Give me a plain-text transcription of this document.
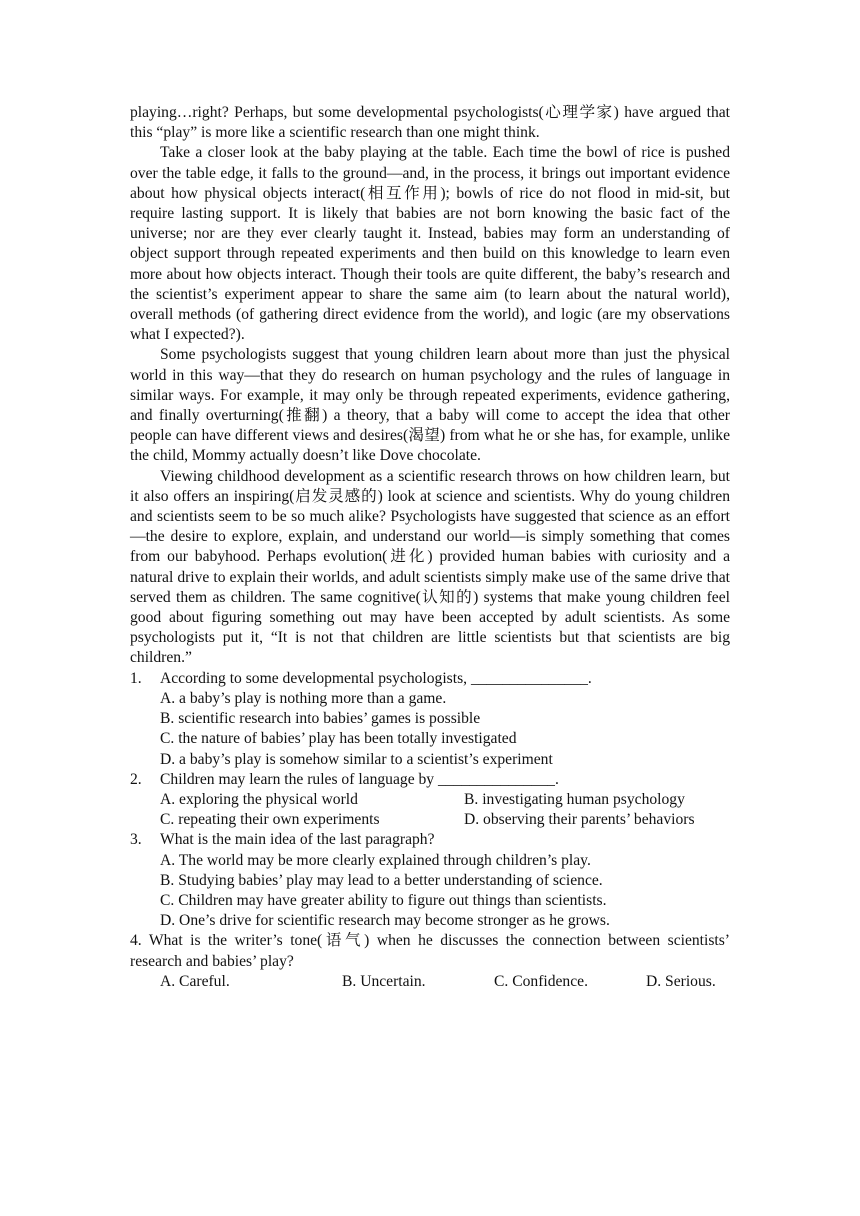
playing…right? Perhaps, but some developmental psychologists(心理学家) have argued that this “play” is more like a scientific research than one might think.

Take a closer look at the baby playing at the table. Each time the bowl of rice is pushed over the table edge, it falls to the ground—and, in the process, it brings out important evidence about how physical objects interact(相互作用); bowls of rice do not flood in mid-sit, but require lasting support. It is likely that babies are not born knowing the basic fact of the universe; nor are they ever clearly taught it. Instead, babies may form an understanding of object support through repeated experiments and then build on this knowledge to learn even more about how objects interact. Though their tools are quite different, the baby’s research and the scientist’s experiment appear to share the same aim (to learn about the natural world), overall methods (of gathering direct evidence from the world), and logic (are my observations what I expected?).

Some psychologists suggest that young children learn about more than just the physical world in this way—that they do research on human psychology and the rules of language in similar ways. For example, it may only be through repeated experiments, evidence gathering, and finally overturning(推翻) a theory, that a baby will come to accept the idea that other people can have different views and desires(渴望) from what he or she has, for example, unlike the child, Mommy actually doesn’t like Dove chocolate.

Viewing childhood development as a scientific research throws on how children learn, but it also offers an inspiring(启发灵感的) look at science and scientists. Why do young children and scientists seem to be so much alike? Psychologists have suggested that science as an effort—the desire to explore, explain, and understand our world—is simply something that comes from our babyhood. Perhaps evolution(进化) provided human babies with curiosity and a natural drive to explain their worlds, and adult scientists simply make use of the same drive that served them as children. The same cognitive(认知的) systems that make young children feel good about figuring something out may have been accepted by adult scientists. As some psychologists put it, “It is not that children are little scientists but that scientists are big children.”

1.	According to some developmental psychologists, _______________.
A. a baby’s play is nothing more than a game.
B. scientific research into babies’ games is possible
C. the nature of babies’ play has been totally investigated
D. a baby’s play is somehow similar to a scientist’s experiment
2.	Children may learn the rules of language by _______________.
A. exploring the physical world	B. investigating human psychology
C. repeating their own experiments	D. observing their parents’ behaviors
3.	What is the main idea of the last paragraph?
A. The world may be more clearly explained through children’s play.
B. Studying babies’ play may lead to a better understanding of science.
C. Children may have greater ability to figure out things than scientists.
D. One’s drive for scientific research may become stronger as he grows.

4. What is the writer’s tone(语气) when he discusses the connection between scientists’ research and babies’ play?

A. Careful.	B. Uncertain.	C. Confidence.	D. Serious.
